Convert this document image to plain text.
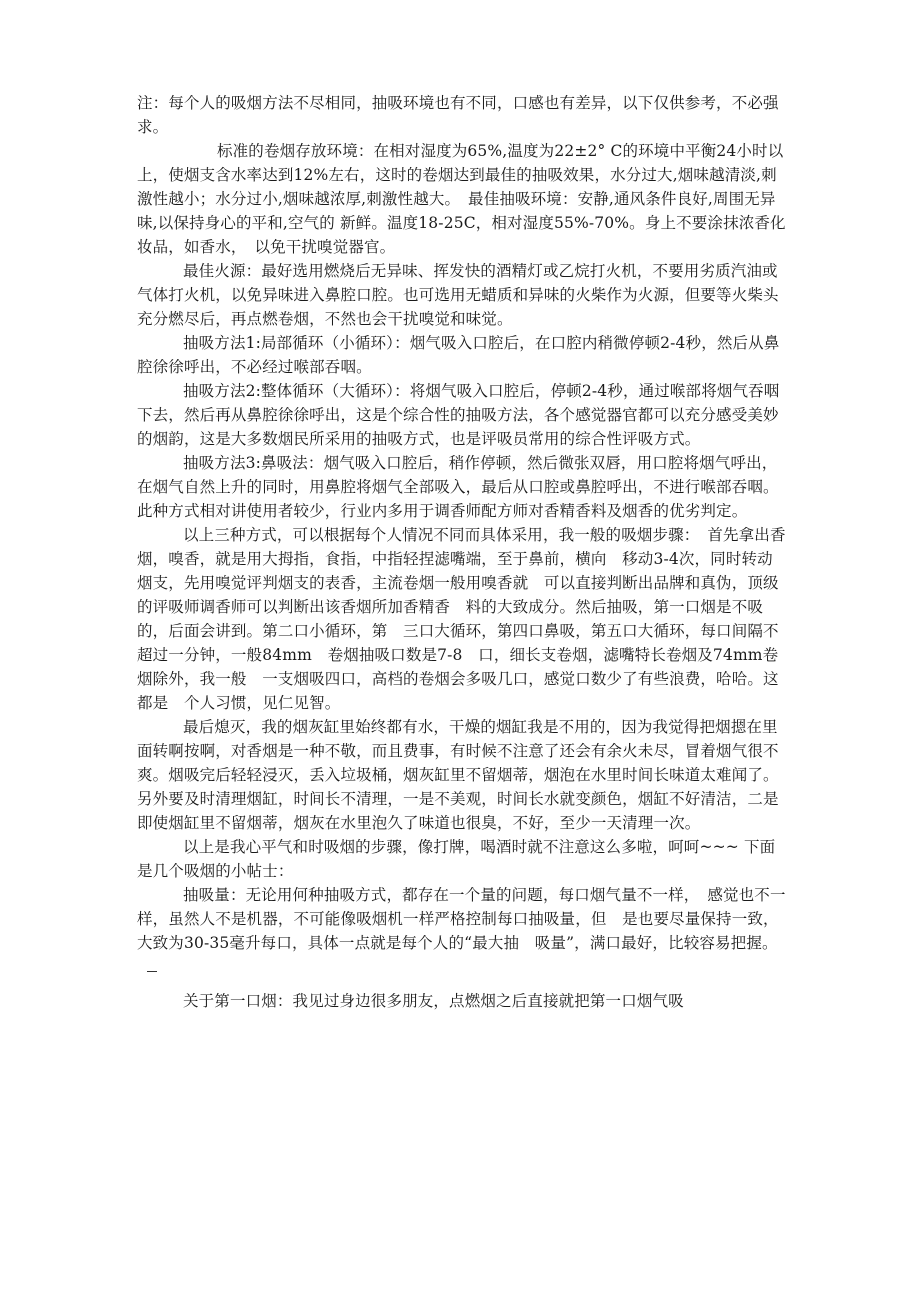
注：每个人的吸烟方法不尽相同，抽吸环境也有不同，口感也有差异，以下仅供参考，不必强求。

标准的卷烟存放环境：在相对湿度为65%,温度为22±2° C的环境中平衡24小时以上，使烟支含水率达到12%左右，这时的卷烟达到最佳的抽吸效果，水分过大,烟味越清淡,刺激性越小；水分过小,烟味越浓厚,刺激性越大。　最佳抽吸环境：安静,通风条件良好,周围无异味,以保持身心的平和,空气的 新鲜。温度18-25C，相对湿度55%-70%。身上不要涂抹浓香化妆品，如香水，　以免干扰嗅觉器官。

最佳火源：最好选用燃烧后无异味、挥发快的酒精灯或乙烷打火机，不要用劣质汽油或气体打火机，以免异味进入鼻腔口腔。也可选用无蜡质和异味的火柴作为火源，但要等火柴头充分燃尽后，再点燃卷烟，不然也会干扰嗅觉和味觉。

抽吸方法1:局部循环（小循环）：烟气吸入口腔后，在口腔内稍微停顿2-4秒，然后从鼻腔徐徐呼出，不必经过喉部吞咽。

抽吸方法2:整体循环（大循环）：将烟气吸入口腔后，停顿2-4秒，通过喉部将烟气吞咽下去，然后再从鼻腔徐徐呼出，这是个综合性的抽吸方法，各个感觉器官都可以充分感受美妙的烟韵，这是大多数烟民所采用的抽吸方式，也是评吸员常用的综合性评吸方式。

抽吸方法3:鼻吸法：烟气吸入口腔后，稍作停顿，然后微张双唇，用口腔将烟气呼出，在烟气自然上升的同时，用鼻腔将烟气全部吸入，最后从口腔或鼻腔呼出，不进行喉部吞咽。此种方式相对讲使用者较少，行业内多用于调香师配方师对香精香料及烟香的优劣判定。

以上三种方式，可以根据每个人情况不同而具体采用，我一般的吸烟步骤：　首先拿出香烟，嗅香，就是用大拇指，食指，中指轻捏滤嘴端，至于鼻前，横向　移动3-4次，同时转动烟支，先用嗅觉评判烟支的表香，主流卷烟一般用嗅香就　可以直接判断出品牌和真伪，顶级的评吸师调香师可以判断出该香烟所加香精香　料的大致成分。然后抽吸，第一口烟是不吸的，后面会讲到。第二口小循环，第　三口大循环，第四口鼻吸，第五口大循环，每口间隔不超过一分钟，一般84mm　卷烟抽吸口数是7-8　口，细长支卷烟，滤嘴特长卷烟及74mm卷烟除外，我一般　一支烟吸四口，高档的卷烟会多吸几口，感觉口数少了有些浪费，哈哈。这都是　个人习惯，见仁见智。

最后熄灭，我的烟灰缸里始终都有水，干燥的烟缸我是不用的，因为我觉得把烟摁在里面转啊按啊，对香烟是一种不敬，而且费事，有时候不注意了还会有余火未尽，冒着烟气很不爽。烟吸完后轻轻浸灭，丢入垃圾桶，烟灰缸里不留烟蒂，烟泡在水里时间长味道太难闻了。另外要及时清理烟缸，时间长不清理，一是不美观，时间长水就变颜色，烟缸不好清洁，二是即使烟缸里不留烟蒂，烟灰在水里泡久了味道也很臭，不好，至少一天清理一次。

以上是我心平气和时吸烟的步骤，像打牌，喝酒时就不注意这么多啦，呵呵~~~ 下面是几个吸烟的小帖士：

抽吸量：无论用何种抽吸方式，都存在一个量的问题，每口烟气量不一样，　感觉也不一样，虽然人不是机器，不可能像吸烟机一样严格控制每口抽吸量，但　是也要尽量保持一致，大致为30-35毫升每口，具体一点就是每个人的“最大抽　吸量”，满口最好，比较容易把握。

关于第一口烟：我见过身边很多朋友，点燃烟之后直接就把第一口烟气吸
